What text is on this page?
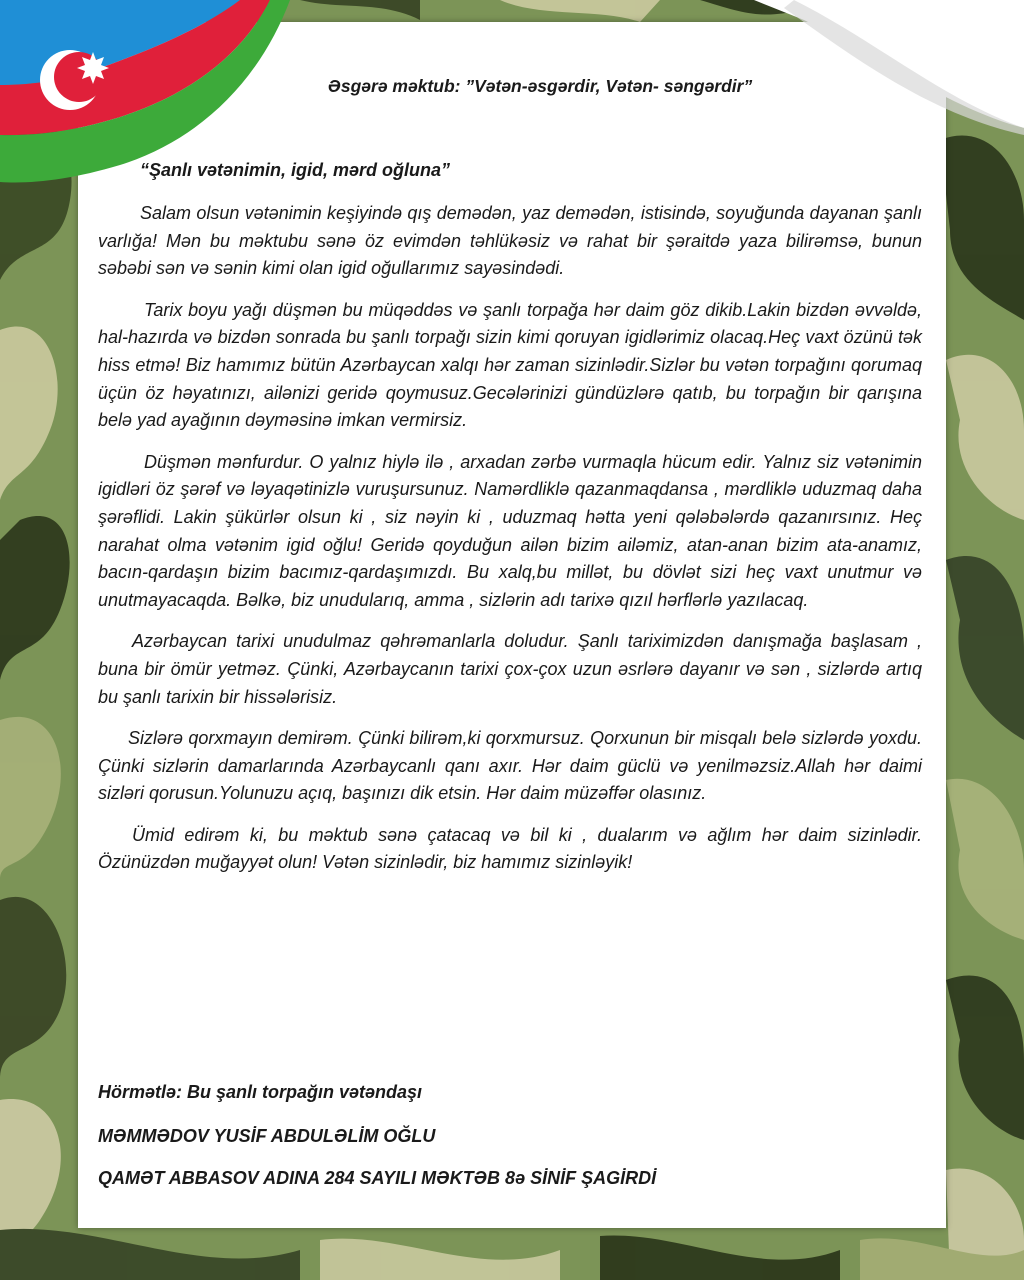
Əsgərə məktub: ”Vətən-əsgərdir, Vətən- səngərdir”
“Şanlı vətənimin, igid, mərd oğluna”

Salam olsun vətənimin keşiyində qış demədən, yaz demədən, istisində, soyuğunda dayanan şanlı varlığa! Mən bu məktubu sənə öz evimdən təhlükəsiz və rahat bir şəraitdə yaza bilirəmsə, bunun səbəbi sən və sənin kimi olan igid oğullarımız sayəsindədi.

Tarix boyu yağı düşmən bu müqəddəs və şanlı torpağa hər daim göz dikib.Lakin bizdən əvvəldə, hal-hazırda və bizdən sonrada bu şanlı torpağı sizin kimi qoruyan igidlərimiz olacaq.Heç vaxt özünü tək hiss etmə! Biz hamımız bütün Azərbaycan xalqı hər zaman sizinlədir.Sizlər bu vətən torpağını qorumaq üçün öz həyatınızı, ailənizi geridə qoymusuz.Gecələrinizi gündüzlərə qatıb, bu torpağın bir qarışına belə yad ayağının dəyməsinə imkan vermirsiz.

Düşmən mənfurdur. O yalnız hiylə ilə , arxadan zərbə vurmaqla hücum edir. Yalnız siz vətənimin igidləri öz şərəf və ləyaqətinizlə vuruşursunuz. Namərdliklə qazanmaqdansa , mərdliklə uduzmaq daha şərəflidi. Lakin şükürlər olsun ki , siz nəyin ki , uduzmaq hətta yeni qələbələrdə qazanırsınız. Heç narahat olma vətənim igid oğlu! Geridə qoyduğun ailən bizim ailəmiz, atan-anan bizim ata-anamız, bacın-qardaşın bizim bacımız-qardaşımızdı. Bu xalq,bu millət, bu dövlət sizi heç vaxt unutmur və unutmayacaqda. Bəlkə, biz unudularıq, amma , sizlərin adı tarixə qızıl hərflərlə yazılacaq.

Azərbaycan tarixi unudulmaz qəhrəmanlarla doludur. Şanlı tariximizdən danışmağa başlasam , buna bir ömür yetməz. Çünki, Azərbaycanın tarixi çox-çox uzun əsrlərə dayanır və sən , sizlərdə artıq bu şanlı tarixin bir hissələrisiz.

Sizlərə qorxmayın demirəm. Çünki bilirəm,ki qorxmursuz. Qorxunun bir misqalı belə sizlərdə yoxdu. Çünki sizlərin damarlarında Azərbaycanlı qanı axır. Hər daim güclü və yenilməzsiz.Allah hər daimi sizləri qorusun.Yolunuzu açıq, başınızı dik etsin. Hər daim müzəffər olasınız.

Ümid edirəm ki, bu məktub sənə çatacaq və bil ki , dualarım və ağlım hər daim sizinlədir. Özünüzdən muğayyət olun! Vətən sizinlədir, biz hamımız sizinləyik!

Hörmətlə: Bu şanlı torpağın vətəndaşı
MƏMMƏDOV YUSİF ABDULƏLİM OĞLU
QAMƏT ABBASOV ADINA 284 SAYILI MƏKTƏB 8ə SİNİF ŞAGİRDİ
